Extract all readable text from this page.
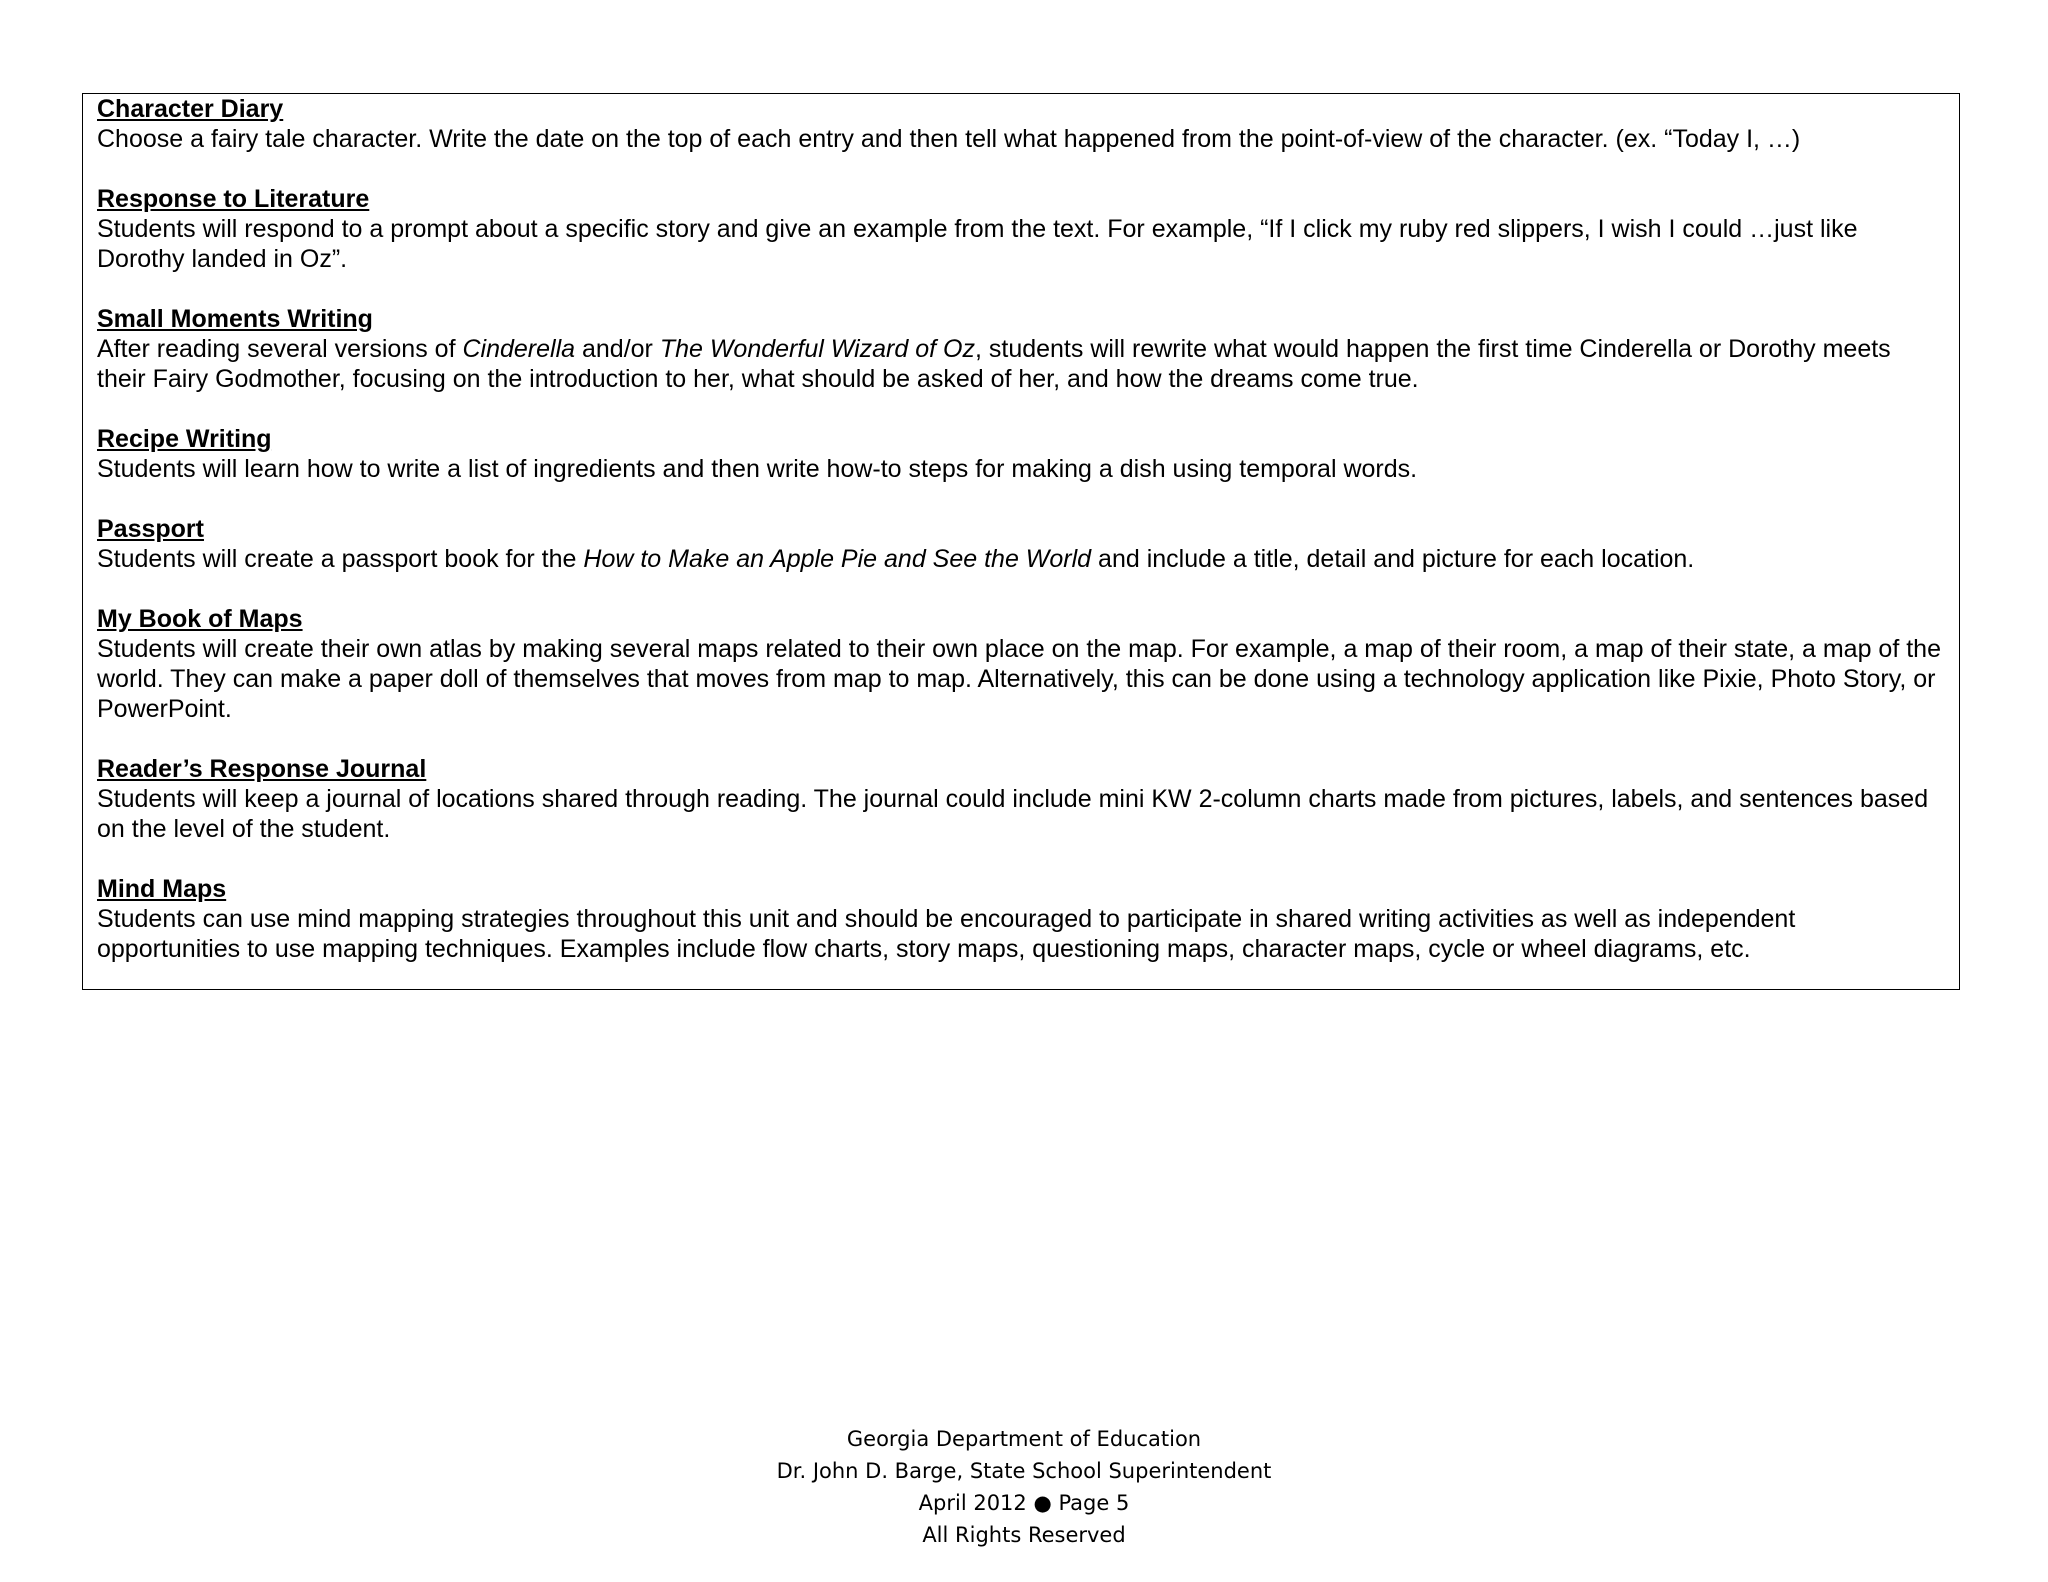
Character Diary

Choose a fairy tale character. Write the date on the top of each entry and then tell what happened from the point-of-view of the character. (ex. “Today I, …)

Response to Literature

Students will respond to a prompt about a specific story and give an example from the text. For example, “If I click my ruby red slippers, I wish I could …just like Dorothy landed in Oz”.

Small Moments Writing

After reading several versions of Cinderella and/or The Wonderful Wizard of Oz, students will rewrite what would happen the first time Cinderella or Dorothy meets their Fairy Godmother, focusing on the introduction to her, what should be asked of her, and how the dreams come true.

Recipe Writing

Students will learn how to write a list of ingredients and then write how-to steps for making a dish using temporal words.

Passport

Students will create a passport book for the How to Make an Apple Pie and See the World and include a title, detail and picture for each location.

My Book of Maps

Students will create their own atlas by making several maps related to their own place on the map. For example, a map of their room, a map of their state, a map of the world. They can make a paper doll of themselves that moves from map to map. Alternatively, this can be done using a technology application like Pixie, Photo Story, or PowerPoint.

Reader’s Response Journal

Students will keep a journal of locations shared through reading. The journal could include mini KW 2-column charts made from pictures, labels, and sentences based on the level of the student.

Mind Maps

Students can use mind mapping strategies throughout this unit and should be encouraged to participate in shared writing activities as well as independent opportunities to use mapping techniques. Examples include flow charts, story maps, questioning maps, character maps, cycle or wheel diagrams, etc.

Georgia Department of Education
Dr. John D. Barge, State School Superintendent
April 2012 ● Page 5
All Rights Reserved
